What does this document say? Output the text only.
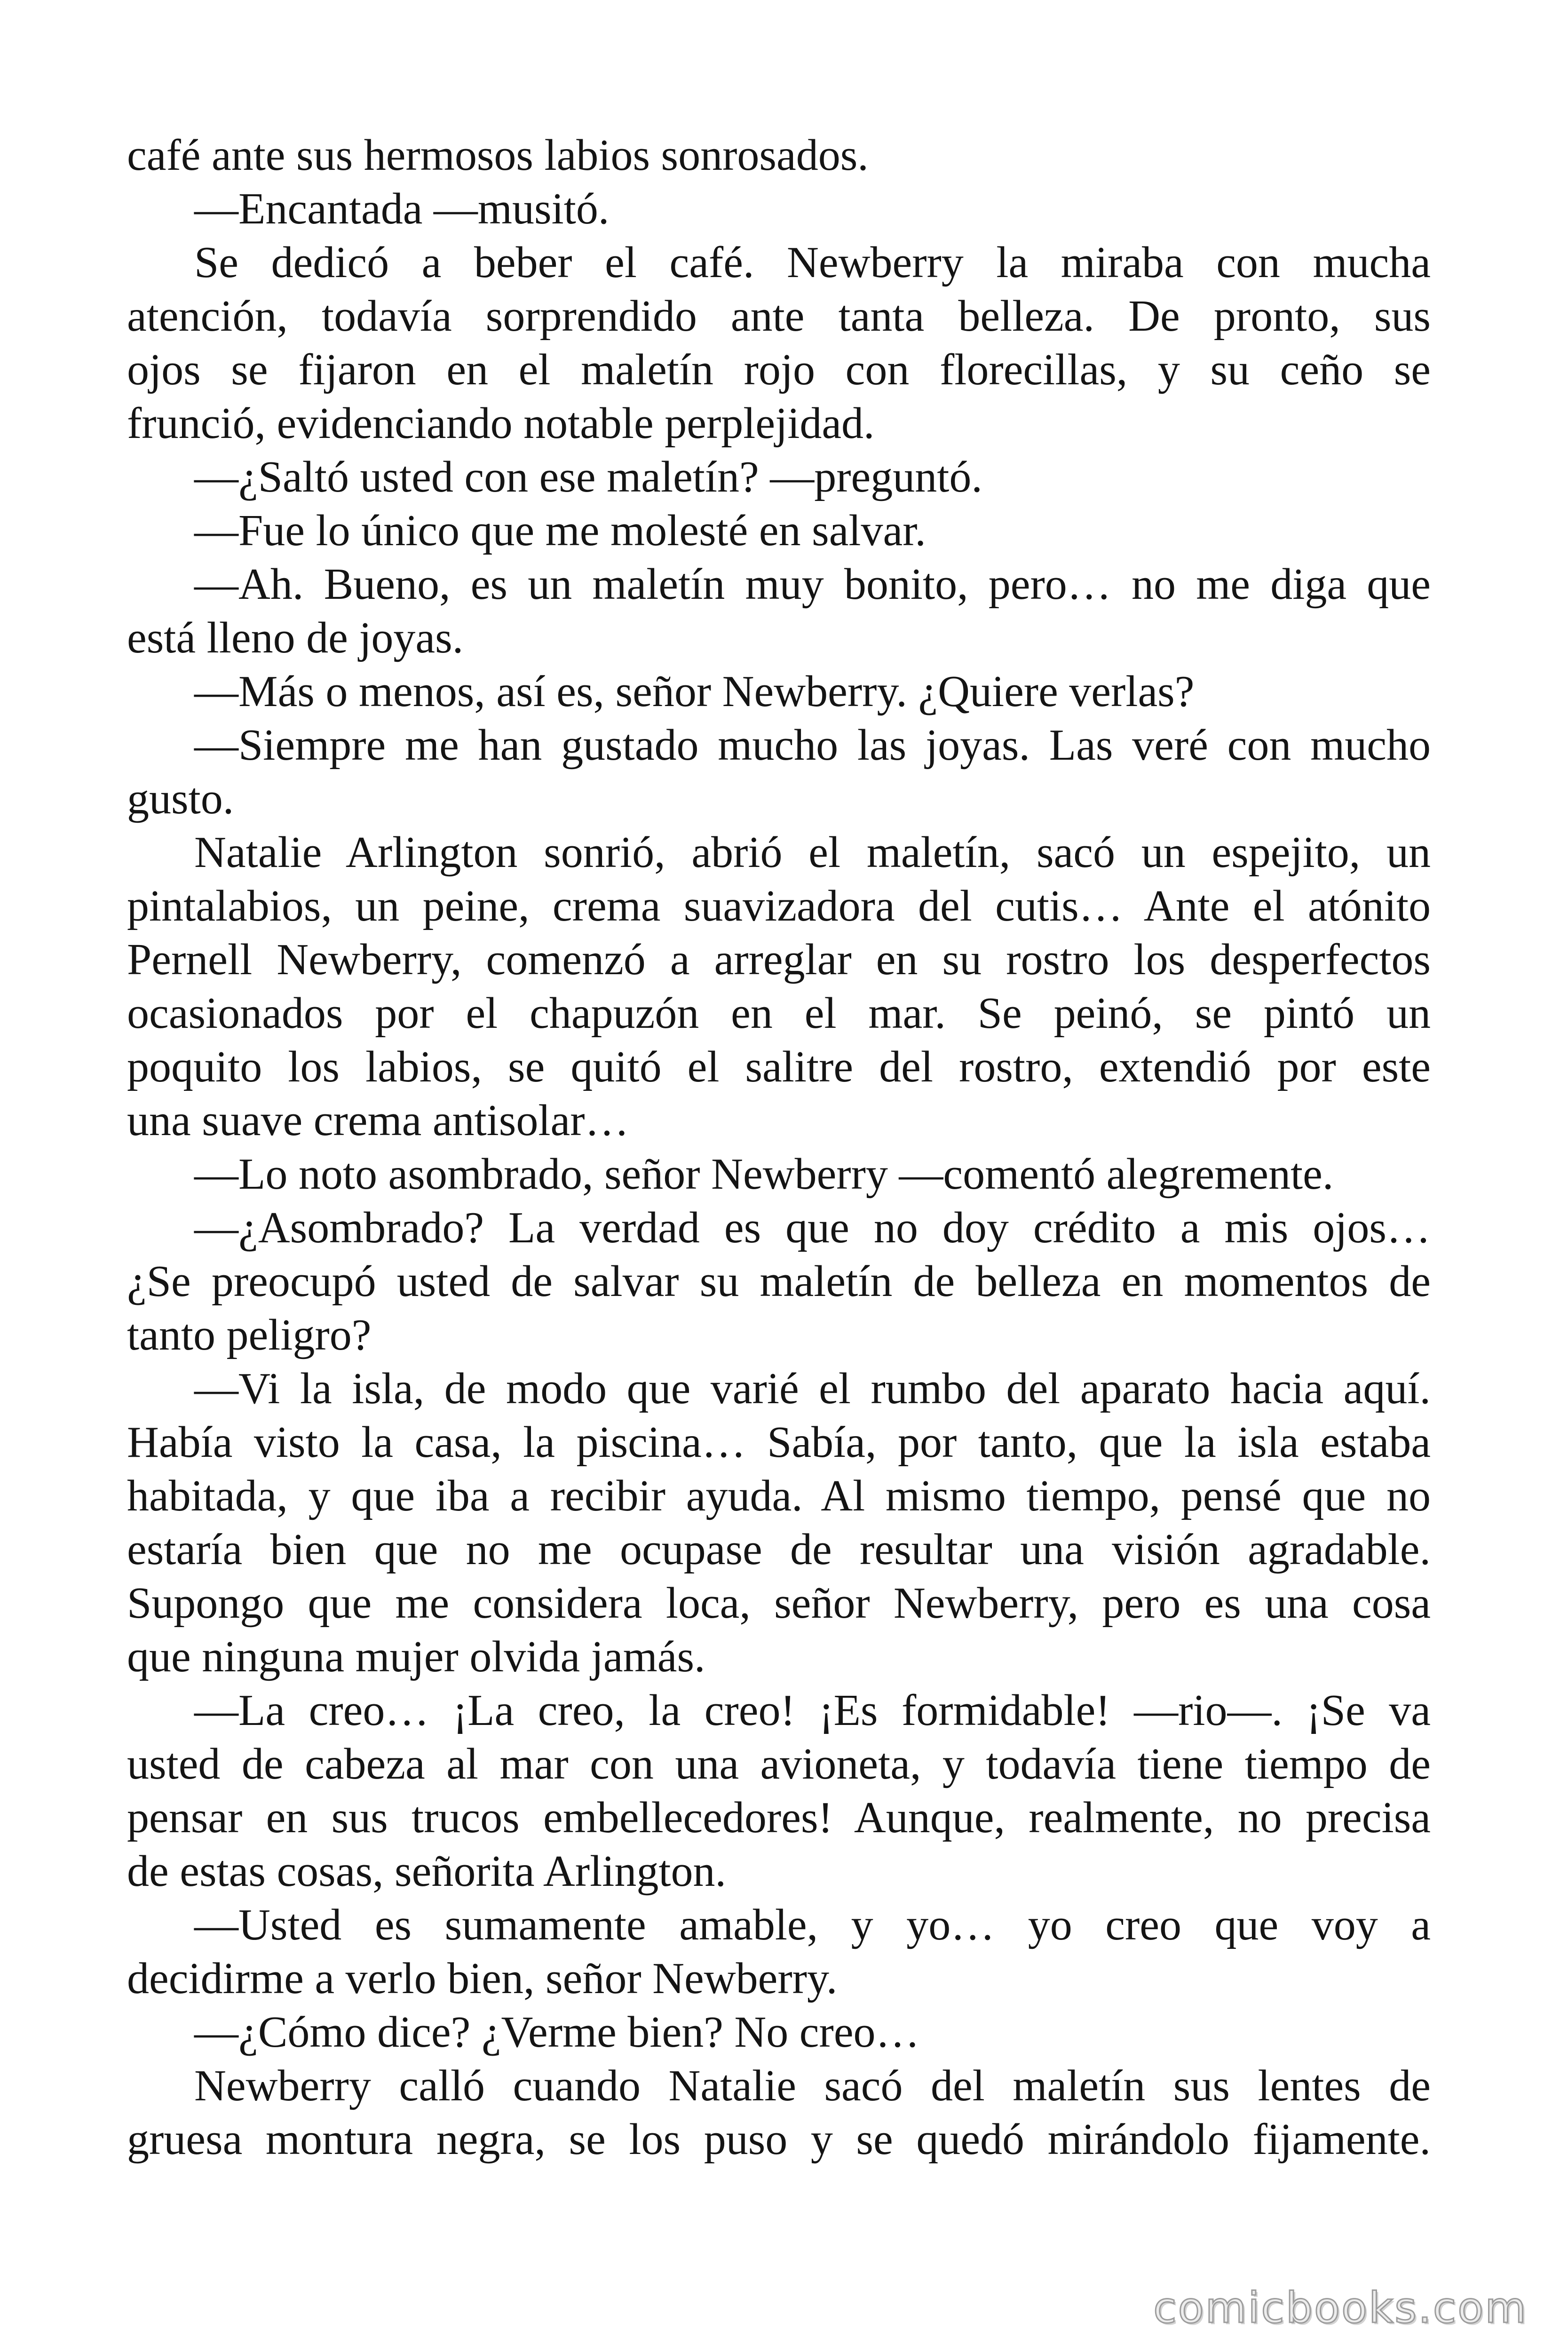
café ante sus hermosos labios sonrosados.
—Encantada —musitó.
Se dedicó a beber el café. Newberry la miraba con mucha
atención, todavía sorprendido ante tanta belleza. De pronto, sus
ojos se fijaron en el maletín rojo con florecillas, y su ceño se
frunció, evidenciando notable perplejidad.
—¿Saltó usted con ese maletín? —preguntó.
—Fue lo único que me molesté en salvar.
—Ah. Bueno, es un maletín muy bonito, pero… no me diga que
está lleno de joyas.
—Más o menos, así es, señor Newberry. ¿Quiere verlas?
—Siempre me han gustado mucho las joyas. Las veré con mucho
gusto.
Natalie Arlington sonrió, abrió el maletín, sacó un espejito, un
pintalabios, un peine, crema suavizadora del cutis… Ante el atónito
Pernell Newberry, comenzó a arreglar en su rostro los desperfectos
ocasionados por el chapuzón en el mar. Se peinó, se pintó un
poquito los labios, se quitó el salitre del rostro, extendió por este
una suave crema antisolar…
—Lo noto asombrado, señor Newberry —comentó alegremente.
—¿Asombrado? La verdad es que no doy crédito a mis ojos…
¿Se preocupó usted de salvar su maletín de belleza en momentos de
tanto peligro?
—Vi la isla, de modo que varié el rumbo del aparato hacia aquí.
Había visto la casa, la piscina… Sabía, por tanto, que la isla estaba
habitada, y que iba a recibir ayuda. Al mismo tiempo, pensé que no
estaría bien que no me ocupase de resultar una visión agradable.
Supongo que me considera loca, señor Newberry, pero es una cosa
que ninguna mujer olvida jamás.
—La creo… ¡La creo, la creo! ¡Es formidable! —rio—. ¡Se va
usted de cabeza al mar con una avioneta, y todavía tiene tiempo de
pensar en sus trucos embellecedores! Aunque, realmente, no precisa
de estas cosas, señorita Arlington.
—Usted es sumamente amable, y yo… yo creo que voy a
decidirme a verlo bien, señor Newberry.
—¿Cómo dice? ¿Verme bien? No creo…
Newberry calló cuando Natalie sacó del maletín sus lentes de
gruesa montura negra, se los puso y se quedó mirándolo fijamente.
comicbooks.com
